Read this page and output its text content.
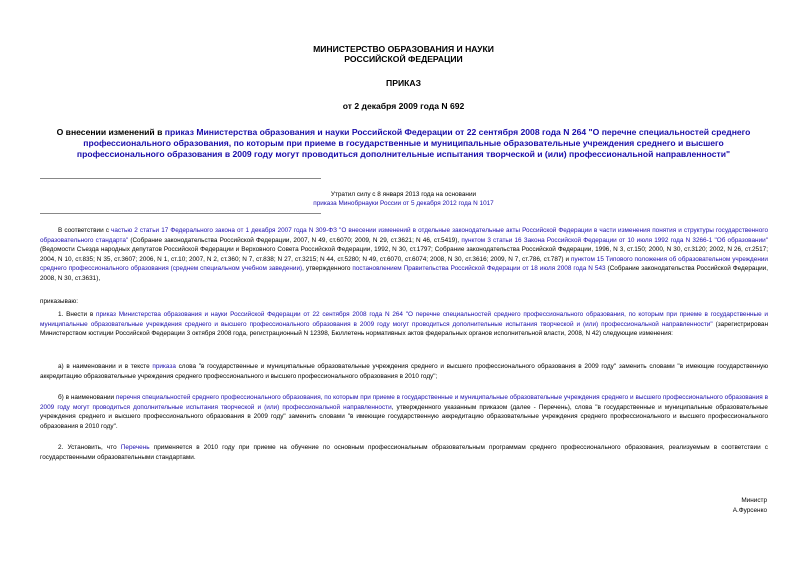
МИНИСТЕРСТВО ОБРАЗОВАНИЯ И НАУКИ
РОССИЙСКОЙ ФЕДЕРАЦИИ
ПРИКАЗ
от 2 декабря 2009 года N 692
О внесении изменений в приказ Министерства образования и науки Российской Федерации от 22 сентября 2008 года N 264 "О перечне специальностей среднего профессионального образования, по которым при приеме в государственные и муниципальные образовательные учреждения среднего и высшего профессионального образования в 2009 году могут проводиться дополнительные испытания творческой и (или) профессиональной направленности"
Утратил силу с 8 января 2013 года на основании
приказа Минобрнауки России от 5 декабря 2012 года N 1017
В соответствии с частью 2 статьи 17 Федерального закона от 1 декабря 2007 года N 309-ФЗ "О внесении изменений в отдельные законодательные акты Российской Федерации в части изменения понятия и структуры государственного образовательного стандарта" (Собрание законодательства Российской Федерации, 2007, N 49, ст.6070; 2009, N 29, ст.3621; N 46, ст.5419), пунктом 3 статьи 16 Закона Российской Федерации от 10 июля 1992 года N 3266-1 "Об образовании" (Ведомости Съезда народных депутатов Российской Федерации и Верховного Совета Российской Федерации, 1992, N 30, ст.1797; Собрание законодательства Российской Федерации, 1996, N 3, ст.150; 2000, N 30, ст.3120; 2002, N 26, ст.2517; 2004, N 10, ст.835; N 35, ст.3607; 2006, N 1, ст.10; 2007, N 2, ст.360; N 7, ст.838; N 27, ст.3215; N 44, ст.5280; N 49, ст.6070, ст.6074; 2008, N 30, ст.3616; 2009, N 7, ст.786, ст.787) и пунктом 15 Типового положения об образовательном учреждении среднего профессионального образования (среднем специальном учебном заведении), утвержденного постановлением Правительства Российской Федерации от 18 июля 2008 года N 543 (Собрание законодательства Российской Федерации, 2008, N 30, ст.3631),
приказываю:
1. Внести в приказ Министерства образования и науки Российской Федерации от 22 сентября 2008 года N 264 "О перечне специальностей среднего профессионального образования, по которым при приеме в государственные и муниципальные образовательные учреждения среднего и высшего профессионального образования в 2009 году могут проводиться дополнительные испытания творческой и (или) профессиональной направленности" (зарегистрирован Министерством юстиции Российской Федерации 3 октября 2008 года, регистрационный N 12398, Бюллетень нормативных актов федеральных органов исполнительной власти, 2008, N 42) следующие изменения:
а) в наименовании и в тексте приказа слова "в государственные и муниципальные образовательные учреждения среднего и высшего профессионального образования в 2009 году" заменить словами "в имеющие государственную аккредитацию образовательные учреждения среднего профессионального и высшего профессионального образования в 2010 году";
б) в наименовании перечня специальностей среднего профессионального образования, по которым при приеме в государственные и муниципальные образовательные учреждения среднего и высшего профессионального образования в 2009 году могут проводиться дополнительные испытания творческой и (или) профессиональной направленности, утвержденного указанным приказом (далее - Перечень), слова "в государственные и муниципальные образовательные учреждения среднего и высшего профессионального образования в 2009 году" заменить словами "в имеющие государственную аккредитацию образовательные учреждения среднего профессионального и высшего профессионального образования в 2010 году".
2. Установить, что Перечень применяется в 2010 году при приеме на обучение по основным профессиональным образовательным программам среднего профессионального образования, реализуемым в соответствии с государственными образовательными стандартами.
Министр
А.Фурсенко
